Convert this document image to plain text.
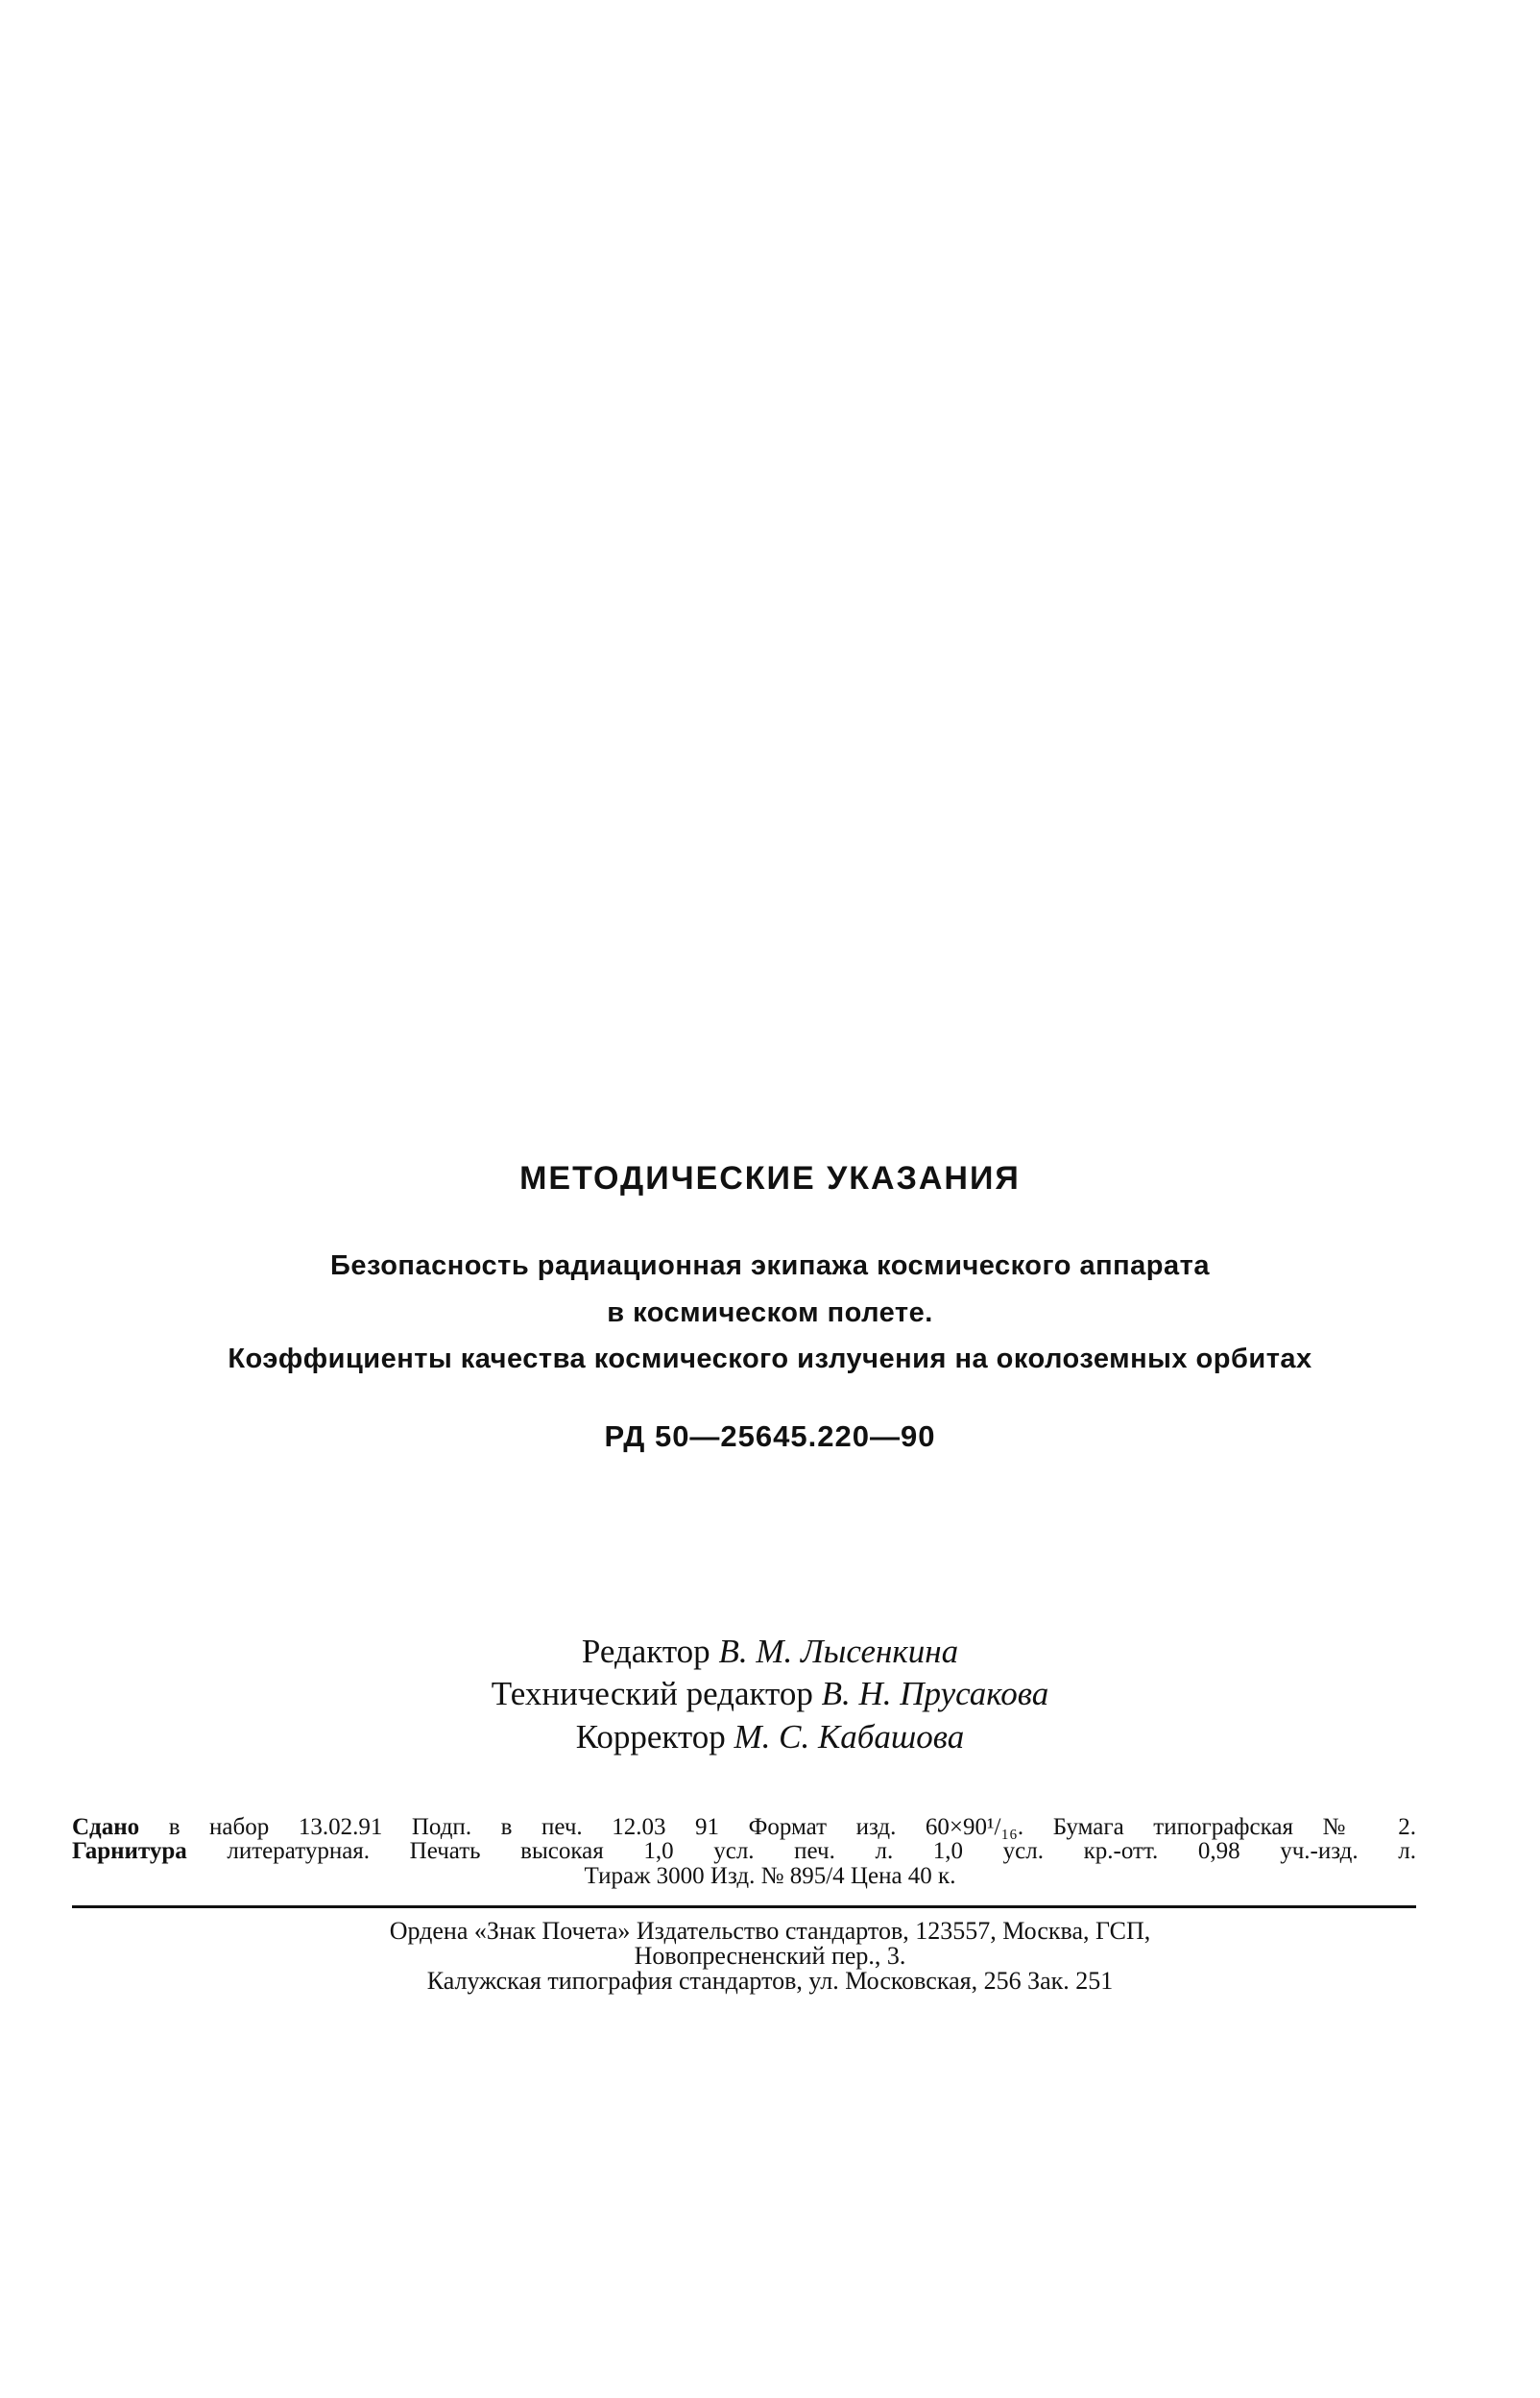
МЕТОДИЧЕСКИЕ УКАЗАНИЯ
Безопасность радиационная экипажа космического аппарата
в космическом полете.
Коэффициенты качества космического излучения на околоземных орбитах
РД 50—25645.220—90
Редактор В. М. Лысенкина
Технический редактор В. Н. Прусакова
Корректор М. С. Кабашова
Сдано в набор 13.02.91 Подп. в печ. 12.03 91 Формат изд. 60×90¹/₁₆. Бумага типографская № 2.
Гарнитура литературная. Печать высокая 1,0 усл. печ. л. 1,0 усл. кр.-отт. 0,98 уч.-изд. л.
Тираж 3000 Изд. № 895/4 Цена 40 к.
Ордена «Знак Почета» Издательство стандартов, 123557, Москва, ГСП,
Новопресненский пер., 3.
Калужская типография стандартов, ул. Московская, 256 Зак. 251
